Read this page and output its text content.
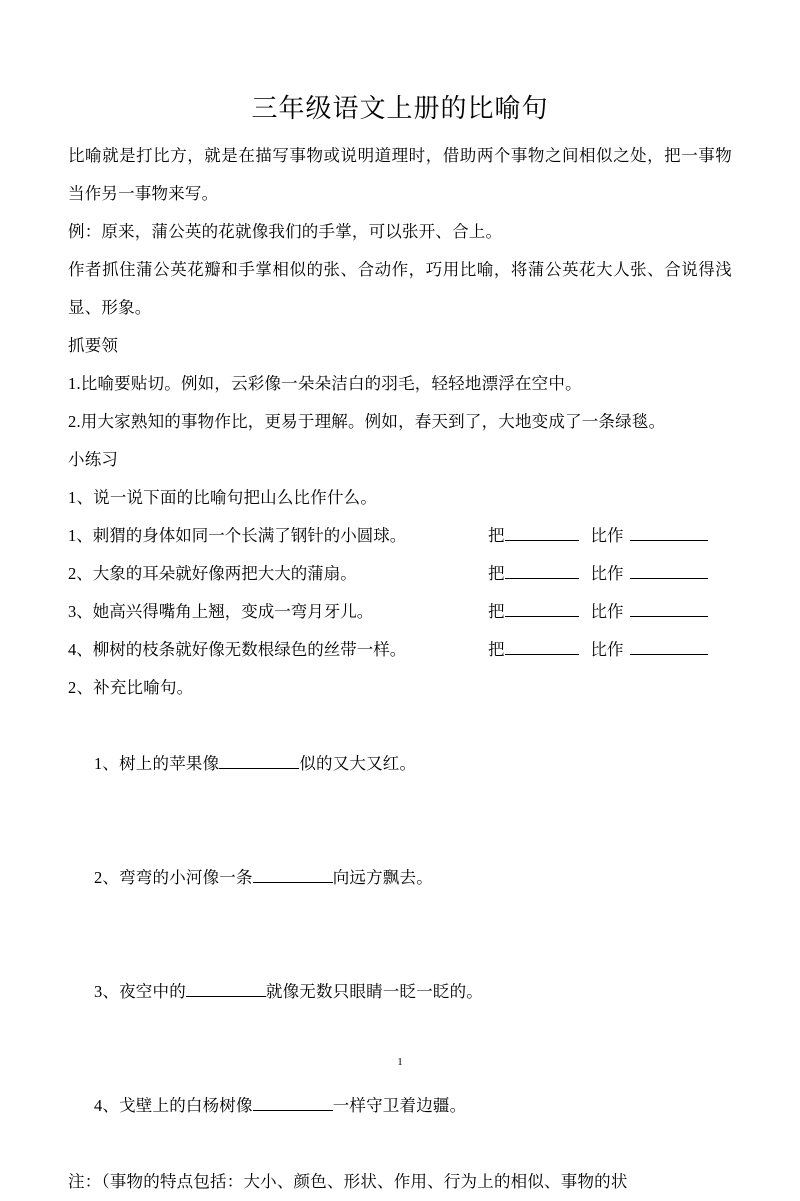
三年级语文上册的比喻句

比喻就是打比方，就是在描写事物或说明道理时，借助两个事物之间相似之处，把一事物当作另一事物来写。

例：原来，蒲公英的花就像我们的手掌，可以张开、合上。

作者抓住蒲公英花瓣和手掌相似的张、合动作，巧用比喻，将蒲公英花大人张、合说得浅显、形象。

抓要领

1.比喻要贴切。例如，云彩像一朵朵洁白的羽毛，轻轻地漂浮在空中。

2.用大家熟知的事物作比，更易于理解。例如，春天到了，大地变成了一条绿毯。

小练习

1、说一说下面的比喻句把山么比作什么。

1、刺猬的身体如同一个长满了钢针的小圆球。	把	比作
2、大象的耳朵就好像两把大大的蒲扇。	把	比作
3、她高兴得嘴角上翘，变成一弯月牙儿。	把	比作
4、柳树的枝条就好像无数根绿色的丝带一样。	把	比作

2、补充比喻句。

1、树上的苹果像	似的又大又红。

2、弯弯的小河像一条	向远方飘去。

3、夜空中的	就像无数只眼睛一眨一眨的。

4、戈壁上的白杨树像	一样守卫着边疆。

注：（事物的特点包括：大小、颜色、形状、作用、行为上的相似、事物的状

1
